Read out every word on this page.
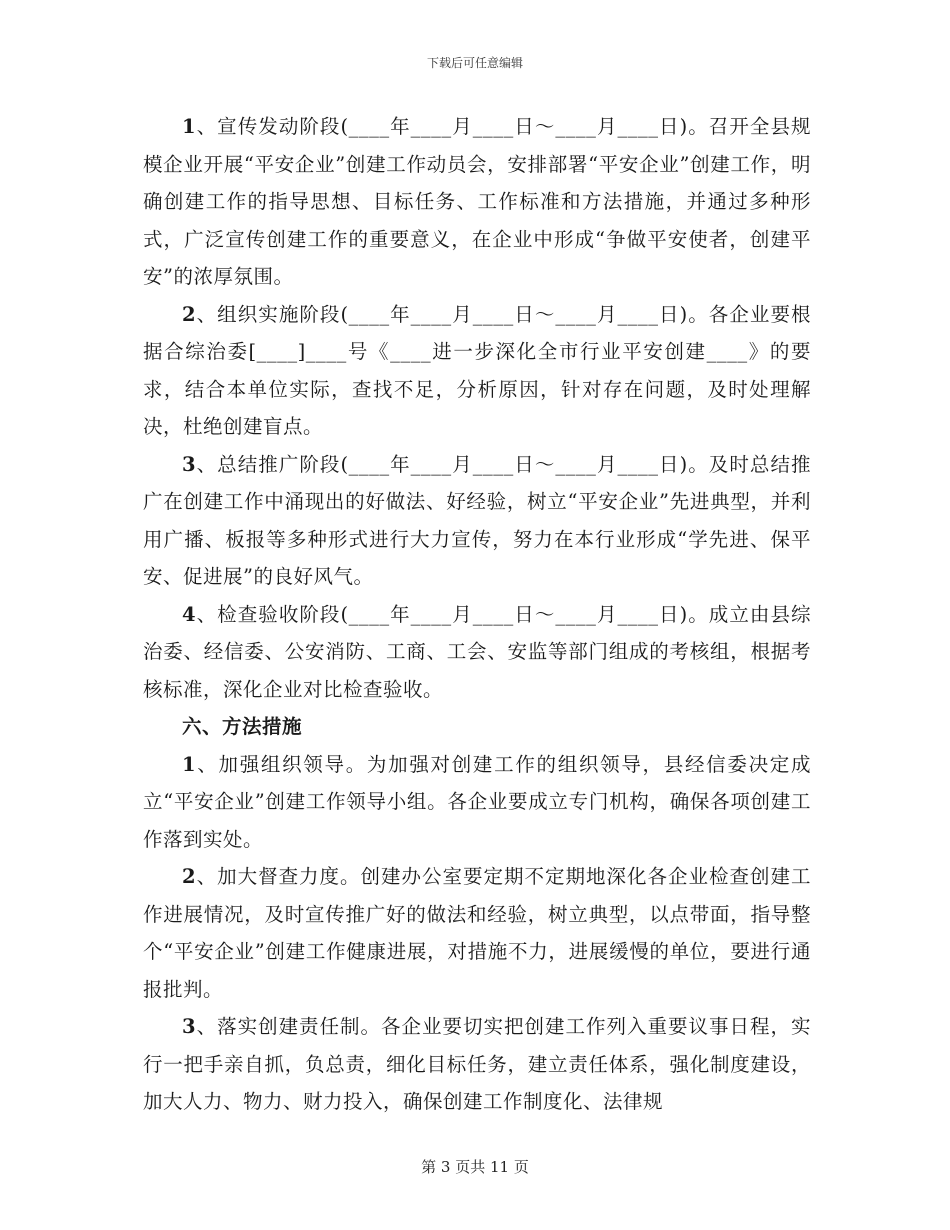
下载后可任意编辑

1、宣传发动阶段(____年____月____日～____月____日)。召开全县规模企业开展“平安企业”创建工作动员会，安排部署“平安企业”创建工作，明确创建工作的指导思想、目标任务、工作标准和方法措施，并通过多种形式，广泛宣传创建工作的重要意义，在企业中形成“争做平安使者，创建平安”的浓厚氛围。

2、组织实施阶段(____年____月____日～____月____日)。各企业要根据合综治委[____]____号《____进一步深化全市行业平安创建____》的要求，结合本单位实际，查找不足，分析原因，针对存在问题，及时处理解决，杜绝创建盲点。

3、总结推广阶段(____年____月____日～____月____日)。及时总结推广在创建工作中涌现出的好做法、好经验，树立“平安企业”先进典型，并利用广播、板报等多种形式进行大力宣传，努力在本行业形成“学先进、保平安、促进展”的良好风气。

4、检查验收阶段(____年____月____日～____月____日)。成立由县综治委、经信委、公安消防、工商、工会、安监等部门组成的考核组，根据考核标准，深化企业对比检查验收。

六、方法措施

1、加强组织领导。为加强对创建工作的组织领导，县经信委决定成立“平安企业”创建工作领导小组。各企业要成立专门机构，确保各项创建工作落到实处。

2、加大督查力度。创建办公室要定期不定期地深化各企业检查创建工作进展情况，及时宣传推广好的做法和经验，树立典型，以点带面，指导整个“平安企业”创建工作健康进展，对措施不力，进展缓慢的单位，要进行通报批判。

3、落实创建责任制。各企业要切实把创建工作列入重要议事日程，实行一把手亲自抓，负总责，细化目标任务，建立责任体系，强化制度建设，加大人力、物力、财力投入，确保创建工作制度化、法律规

第 3 页共 11 页
